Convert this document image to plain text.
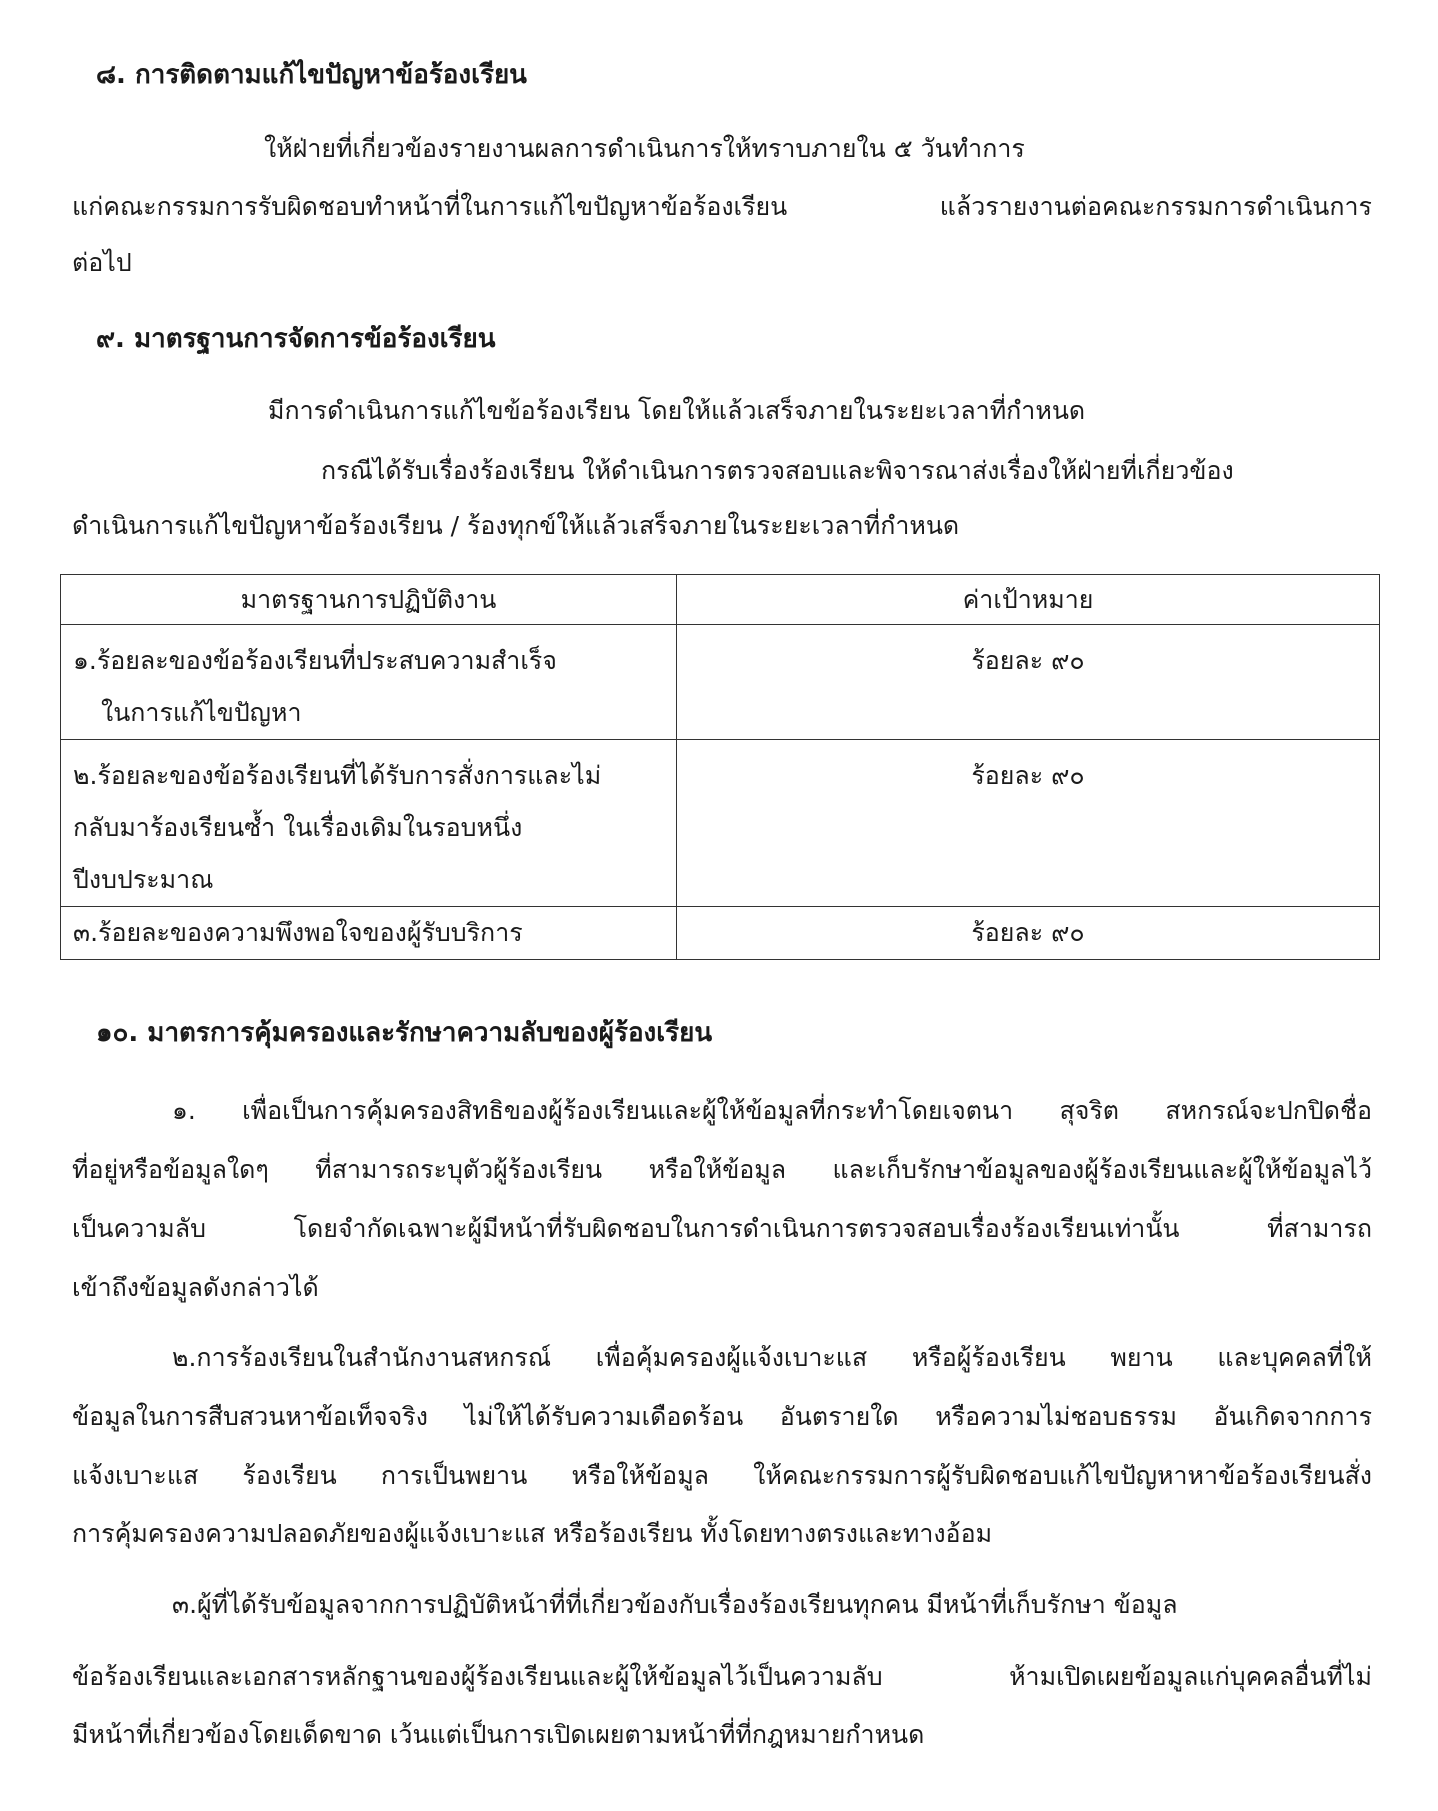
๘. การติดตามแก้ไขปัญหาข้อร้องเรียน
ให้ฝ่ายที่เกี่ยวข้องรายงานผลการดำเนินการให้ทราบภายใน ๕ วันทำการ
แก่คณะกรรมการรับผิดชอบทำหน้าที่ในการแก้ไขปัญหาข้อร้องเรียน แล้วรายงานต่อคณะกรรมการดำเนินการ
ต่อไป
๙. มาตรฐานการจัดการข้อร้องเรียน
มีการดำเนินการแก้ไขข้อร้องเรียน โดยให้แล้วเสร็จภายในระยะเวลาที่กำหนด
กรณีได้รับเรื่องร้องเรียน ให้ดำเนินการตรวจสอบและพิจารณาส่งเรื่องให้ฝ่ายที่เกี่ยวข้อง
ดำเนินการแก้ไขปัญหาข้อร้องเรียน / ร้องทุกข์ให้แล้วเสร็จภายในระยะเวลาที่กำหนด
มาตรฐานการปฏิบัติงาน	ค่าเป้าหมาย
๑.ร้อยละของข้อร้องเรียนที่ประสบความสำเร็จ
ในการแก้ไขปัญหา	ร้อยละ ๙๐
๒.ร้อยละของข้อร้องเรียนที่ได้รับการสั่งการและไม่
กลับมาร้องเรียนซ้ำ ในเรื่องเดิมในรอบหนึ่ง
ปีงบประมาณ	ร้อยละ ๙๐
๓.ร้อยละของความพึงพอใจของผู้รับบริการ	ร้อยละ ๙๐
๑๐. มาตรการคุ้มครองและรักษาความลับของผู้ร้องเรียน
๑. เพื่อเป็นการคุ้มครองสิทธิของผู้ร้องเรียนและผู้ให้ข้อมูลที่กระทำโดยเจตนา สุจริต สหกรณ์จะปกปิดชื่อ
ที่อยู่หรือข้อมูลใดๆ ที่สามารถระบุตัวผู้ร้องเรียน หรือให้ข้อมูล และเก็บรักษาข้อมูลของผู้ร้องเรียนและผู้ให้ข้อมูลไว้
เป็นความลับ โดยจำกัดเฉพาะผู้มีหน้าที่รับผิดชอบในการดำเนินการตรวจสอบเรื่องร้องเรียนเท่านั้น ที่สามารถ
เข้าถึงข้อมูลดังกล่าวได้
๒.การร้องเรียนในสำนักงานสหกรณ์ เพื่อคุ้มครองผู้แจ้งเบาะแส หรือผู้ร้องเรียน พยาน และบุคคลที่ให้
ข้อมูลในการสืบสวนหาข้อเท็จจริง ไม่ให้ได้รับความเดือดร้อน อันตรายใด หรือความไม่ชอบธรรม อันเกิดจากการ
แจ้งเบาะแส ร้องเรียน การเป็นพยาน หรือให้ข้อมูล ให้คณะกรรมการผู้รับผิดชอบแก้ไขปัญหาหาข้อร้องเรียนสั่ง
การคุ้มครองความปลอดภัยของผู้แจ้งเบาะแส หรือร้องเรียน ทั้งโดยทางตรงและทางอ้อม
๓.ผู้ที่ได้รับข้อมูลจากการปฏิบัติหน้าที่ที่เกี่ยวข้องกับเรื่องร้องเรียนทุกคน มีหน้าที่เก็บรักษา ข้อมูล
ข้อร้องเรียนและเอกสารหลักฐานของผู้ร้องเรียนและผู้ให้ข้อมูลไว้เป็นความลับ ห้ามเปิดเผยข้อมูลแก่บุคคลอื่นที่ไม่
มีหน้าที่เกี่ยวข้องโดยเด็ดขาด เว้นแต่เป็นการเปิดเผยตามหน้าที่ที่กฎหมายกำหนด
